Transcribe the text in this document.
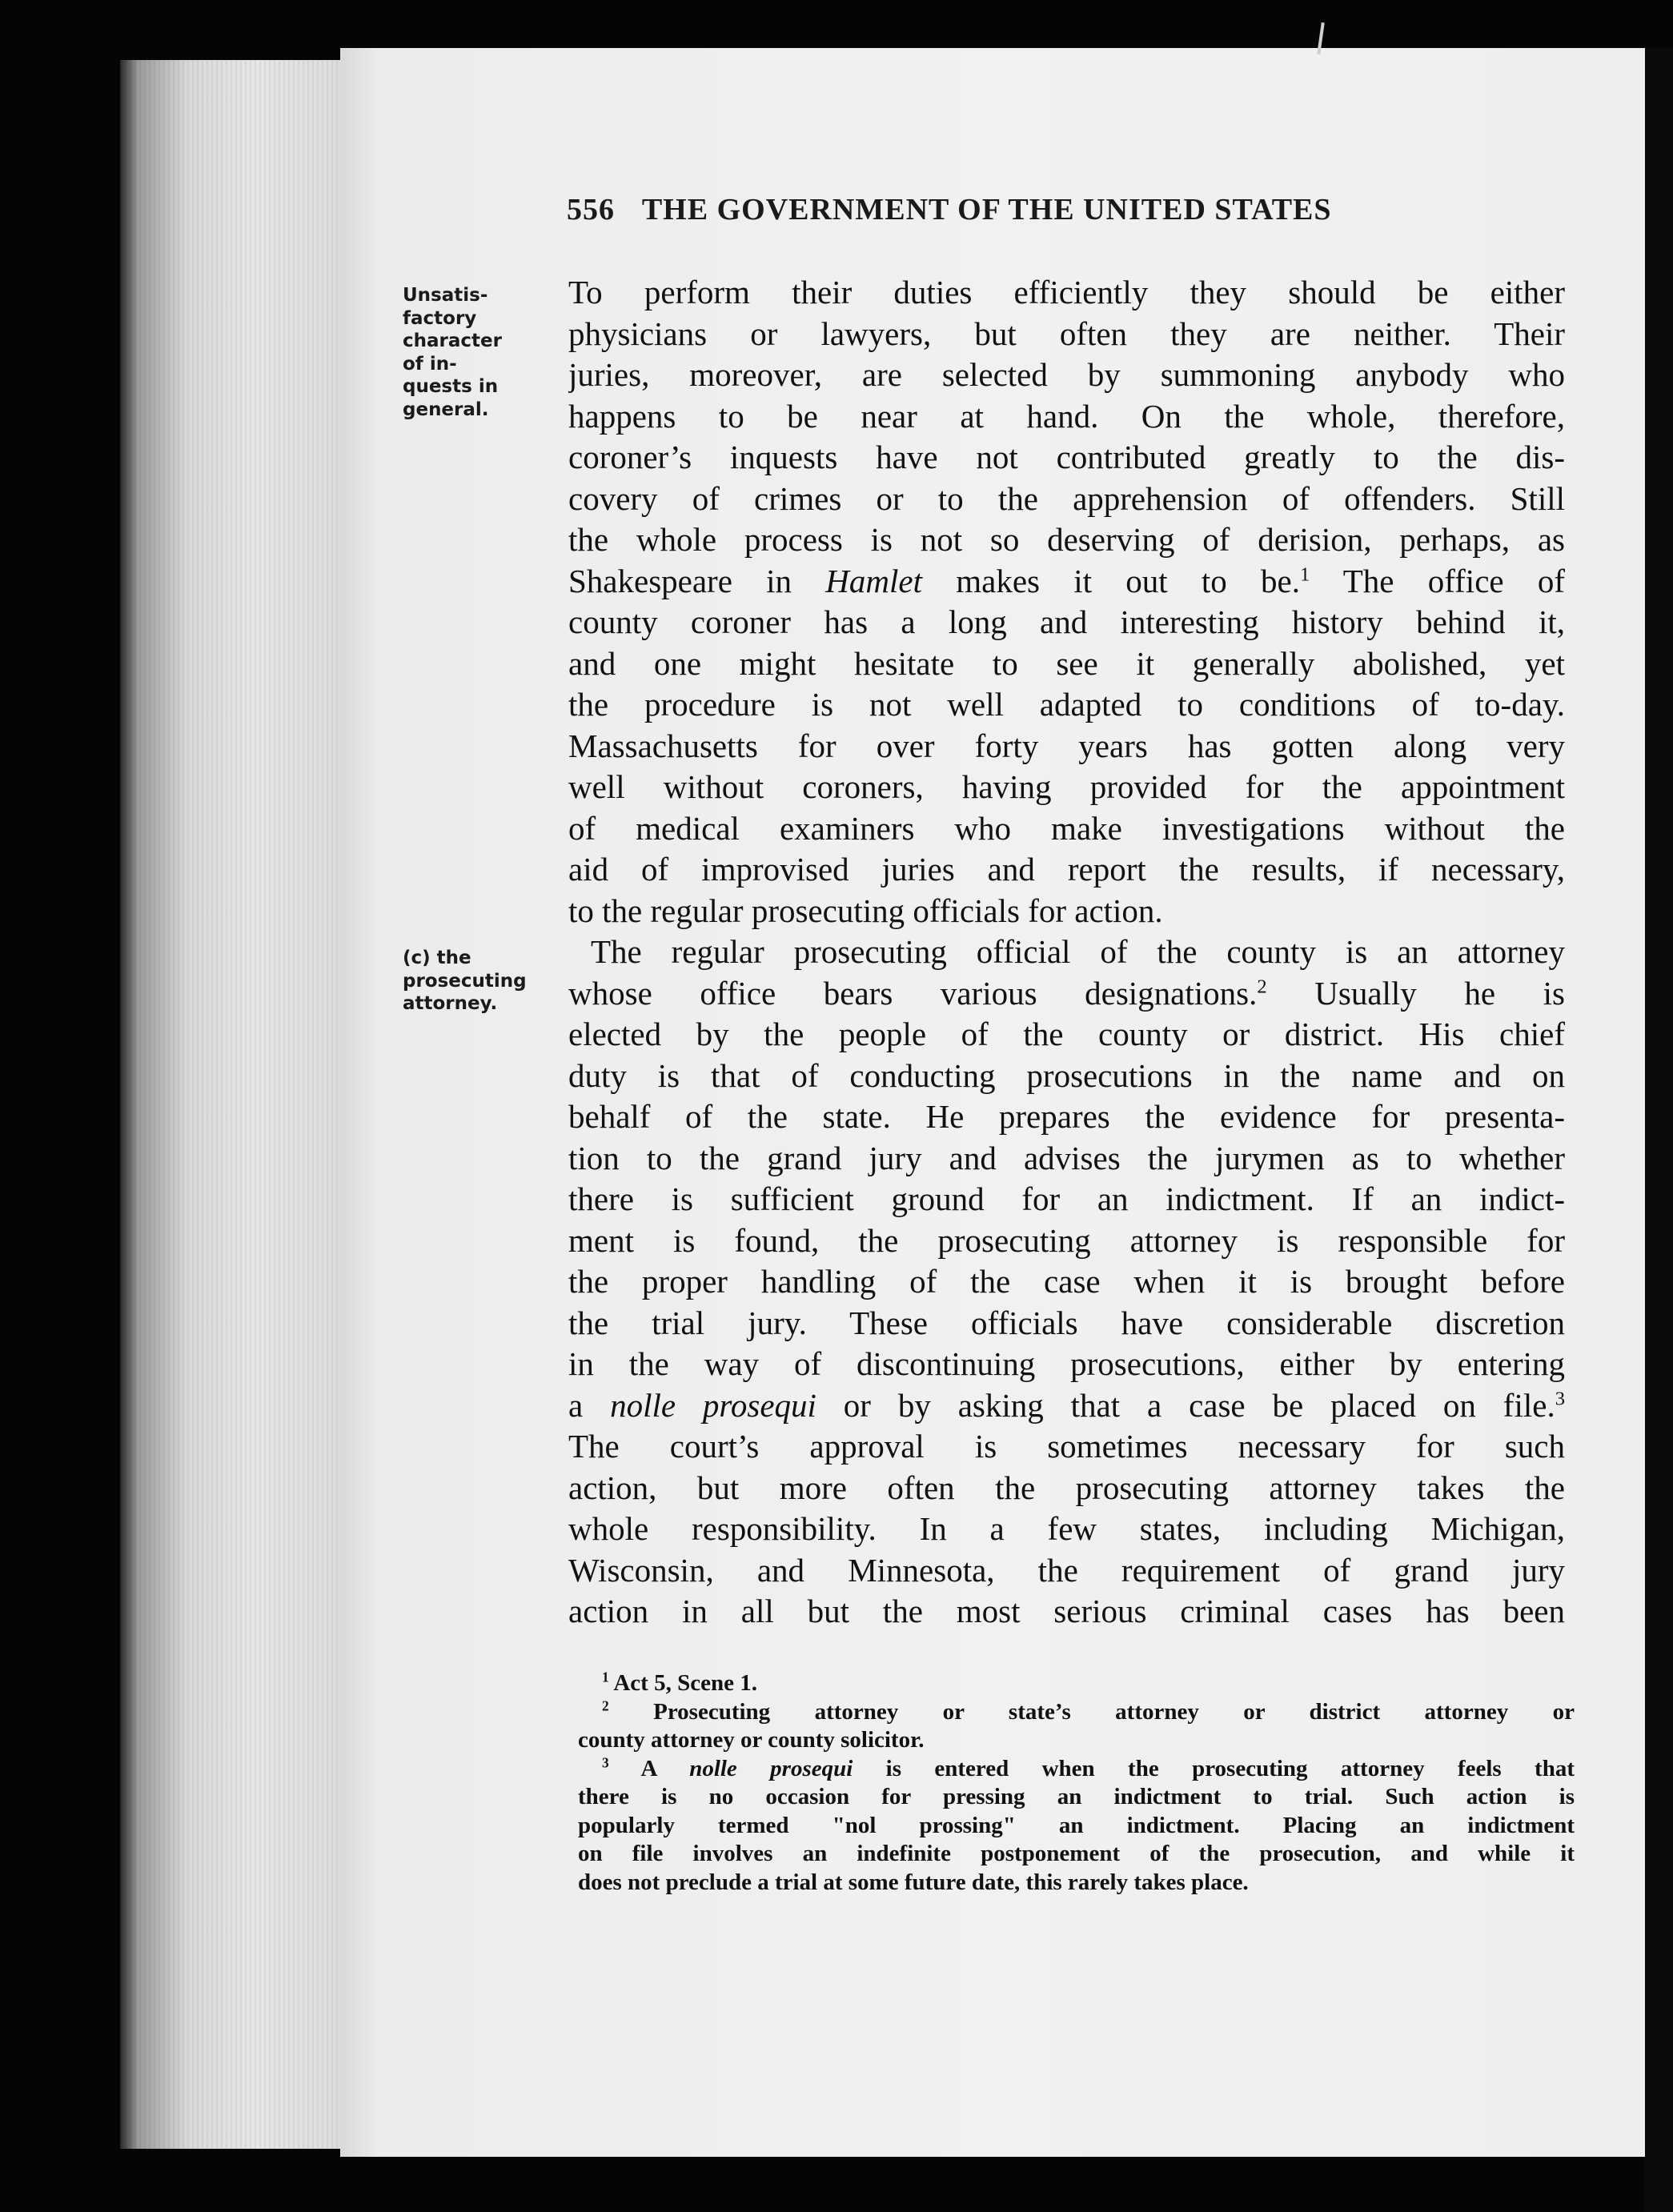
556 THE GOVERNMENT OF THE UNITED STATES
Unsatis-
factory
character
of in-
quests in
general.
(c) the
prosecuting
attorney.
To perform their duties efficiently they should be either
physicians or lawyers, but often they are neither. Their
juries, moreover, are selected by summoning anybody who
happens to be near at hand. On the whole, therefore,
coroner’s inquests have not contributed greatly to the dis-
covery of crimes or to the apprehension of offenders. Still
the whole process is not so deserving of derision, perhaps, as
Shakespeare in Hamlet makes it out to be.$^1$ The office of
county coroner has a long and interesting history behind it,
and one might hesitate to see it generally abolished, yet
the procedure is not well adapted to conditions of to-day.
Massachusetts for over forty years has gotten along very
well without coroners, having provided for the appointment
of medical examiners who make investigations without the
aid of improvised juries and report the results, if necessary,
to the regular prosecuting officials for action.
The regular prosecuting official of the county is an attorney
whose office bears various designations.$^2$ Usually he is
elected by the people of the county or district. His chief
duty is that of conducting prosecutions in the name and on
behalf of the state. He prepares the evidence for presenta-
tion to the grand jury and advises the jurymen as to whether
there is sufficient ground for an indictment. If an indict-
ment is found, the prosecuting attorney is responsible for
the proper handling of the case when it is brought before
the trial jury. These officials have considerable discretion
in the way of discontinuing prosecutions, either by entering
a nolle prosequi or by asking that a case be placed on file.$^3$
The court’s approval is sometimes necessary for such
action, but more often the prosecuting attorney takes the
whole responsibility. In a few states, including Michigan,
Wisconsin, and Minnesota, the requirement of grand jury
action in all but the most serious criminal cases has been
$^1$ Act 5, Scene 1.
$^2$ Prosecuting attorney or state’s attorney or district attorney or
county attorney or county solicitor.
$^3$ A nolle prosequi is entered when the prosecuting attorney feels that
there is no occasion for pressing an indictment to trial. Such action is
popularly termed "nol prossing" an indictment. Placing an indictment
on file involves an indefinite postponement of the prosecution, and while it
does not preclude a trial at some future date, this rarely takes place.
